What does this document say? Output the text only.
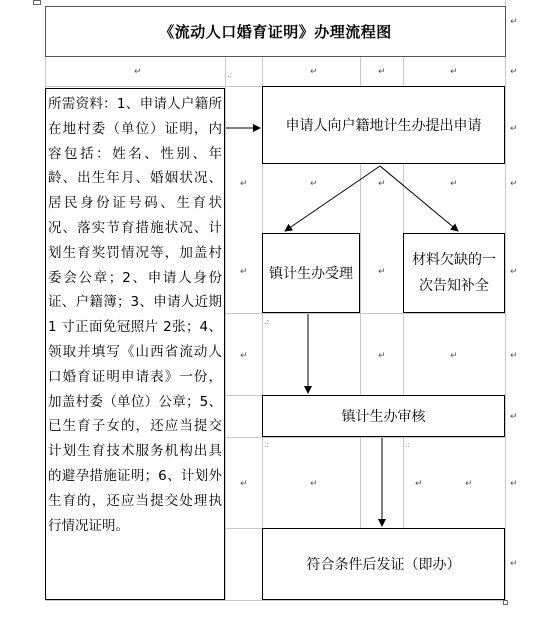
《流动人口婚育证明》办理流程图
↵	↵	↵	↵
↵
↵
↵
↵
↵
↵
↵
↵
↵
↵	↵	↵	↵
↵
↵	↵	↵
↵	↵	↵	↵
↵
.:
.:
.:	.:
所需资料：1、申请人户籍所在地村委（单位）证明，内容包括：姓名、性别、年龄、出生年月、婚姻状况、居民身份证号码、生育状况、落实节育措施状况、计划生育奖罚情况等，加盖村委会公章；2、申请人身份证、户籍簿；3、申请人近期 1 寸正面免冠照片 2张；4、领取并填写《山西省流动人口婚育证明申请表》一份，加盖村委（单位）公章；5、已生育子女的，还应当提交计划生育技术服务机构出具的避孕措施证明；6、计划外生育的，还应当提交处理执行情况证明。
申请人向户籍地计生办提出申请
镇计生办受理
材料欠缺的一次告知补全
镇计生办审核
符合条件后发证（即办）
